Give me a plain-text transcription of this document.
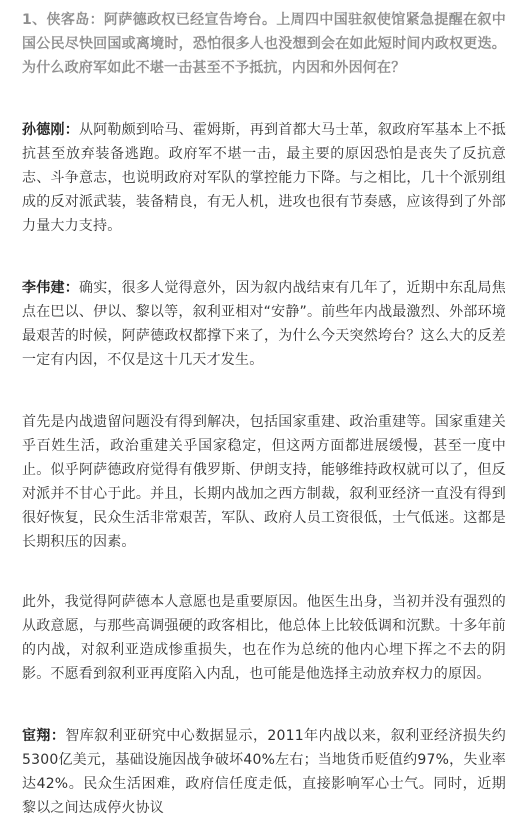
1、侠客岛：阿萨德政权已经宣告垮台。上周四中国驻叙使馆紧急提醒在叙中国公民尽快回国或离境时，恐怕很多人也没想到会在如此短时间内政权更迭。为什么政府军如此不堪一击甚至不予抵抗，内因和外因何在？

孙德刚：从阿勒颇到哈马、霍姆斯，再到首都大马士革，叙政府军基本上不抵抗甚至放弃装备逃跑。政府军不堪一击，最主要的原因恐怕是丧失了反抗意志、斗争意志，也说明政府对军队的掌控能力下降。与之相比，几十个派别组成的反对派武装，装备精良，有无人机，进攻也很有节奏感，应该得到了外部力量大力支持。

李伟建：确实，很多人觉得意外，因为叙内战结束有几年了，近期中东乱局焦点在巴以、伊以、黎以等，叙利亚相对“安静”。前些年内战最激烈、外部环境最艰苦的时候，阿萨德政权都撑下来了，为什么今天突然垮台？这么大的反差一定有内因，不仅是这十几天才发生。

首先是内战遗留问题没有得到解决，包括国家重建、政治重建等。国家重建关乎百姓生活，政治重建关乎国家稳定，但这两方面都进展缓慢，甚至一度中止。似乎阿萨德政府觉得有俄罗斯、伊朗支持，能够维持政权就可以了，但反对派并不甘心于此。并且，长期内战加之西方制裁，叙利亚经济一直没有得到很好恢复，民众生活非常艰苦，军队、政府人员工资很低，士气低迷。这都是长期积压的因素。

此外，我觉得阿萨德本人意愿也是重要原因。他医生出身，当初并没有强烈的从政意愿，与那些高调强硬的政客相比，他总体上比较低调和沉默。十多年前的内战，对叙利亚造成惨重损失，也在作为总统的他内心埋下挥之不去的阴影。不愿看到叙利亚再度陷入内乱，也可能是他选择主动放弃权力的原因。

宦翔：智库叙利亚研究中心数据显示，2011年内战以来，叙利亚经济损失约5300亿美元，基础设施因战争破坏40%左右；当地货币贬值约97%，失业率达42%。民众生活困难，政府信任度走低，直接影响军心士气。同时，近期黎以之间达成停火协议
